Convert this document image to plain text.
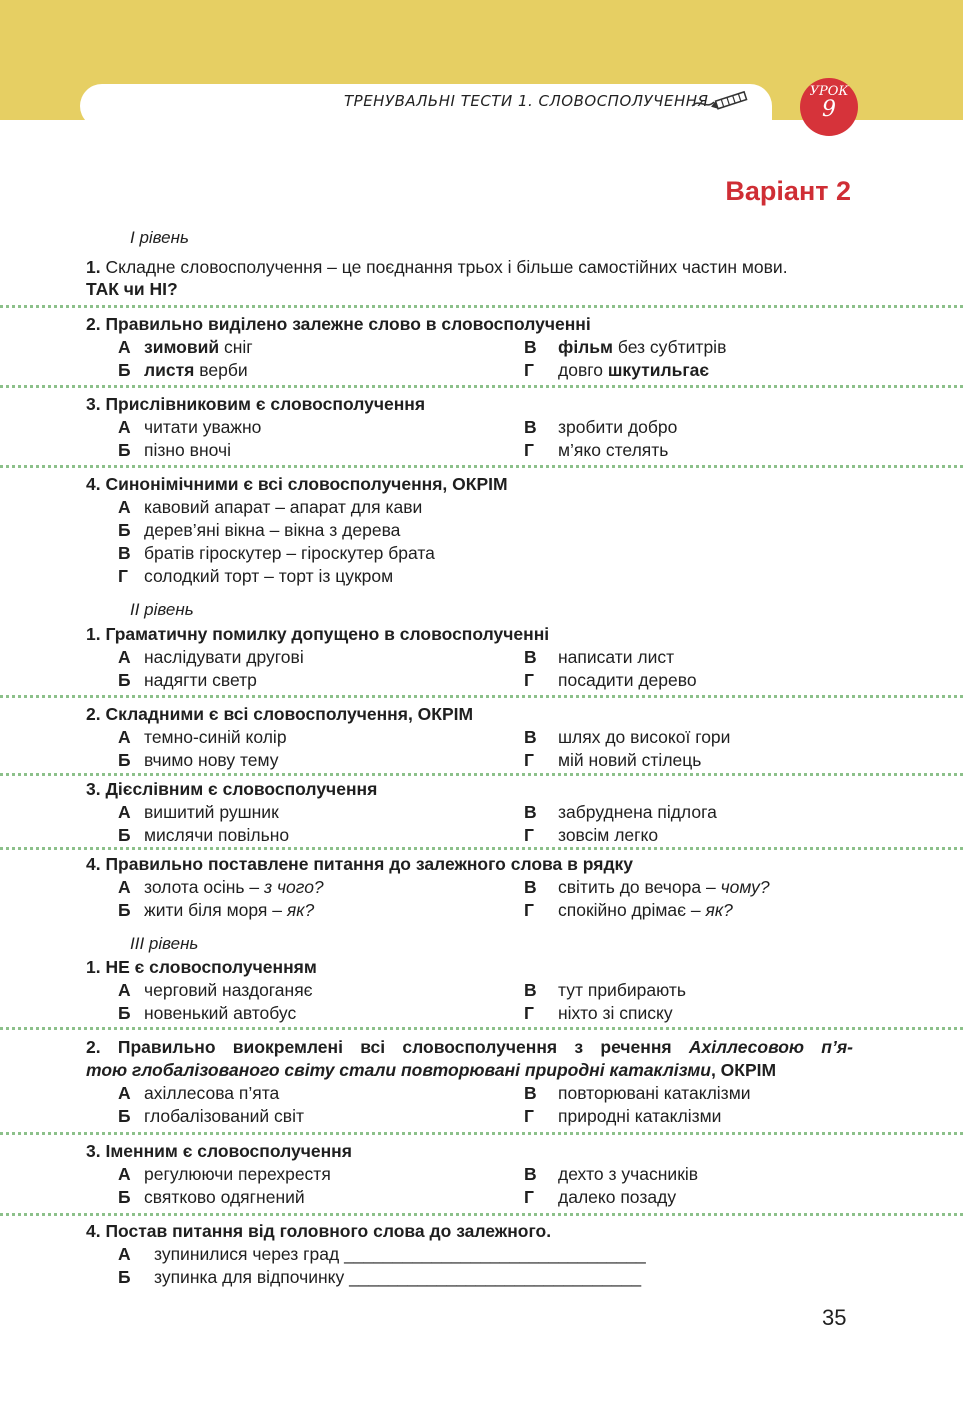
ТРЕНУВАЛЬНІ ТЕСТИ 1. СЛОВОСПОЛУЧЕННЯ
УРОК
9
Варіант 2
І рівень
1. Складне словосполучення – це поєднання трьох і більше самостійних частин мови.
ТАК чи НІ?
2. Правильно виділено залежне слово в словосполученні
А зимовий сніг
Б листя верби
В фільм без субтитрів
Г довго шкутильгає
3. Прислівниковим є словосполучення
А читати уважно
Б пізно вночі
В зробити добро
Г м’яко стелять
4. Синонімічними є всі словосполучення, ОКРІМ
А кавовий апарат – апарат для кави
Б дерев’яні вікна – вікна з дерева
В братів гіроскутер – гіроскутер брата
Г солодкий торт – торт із цукром
ІІ рівень
1. Граматичну помилку допущено в словосполученні
А наслідувати другові
Б надягти светр
В написати лист
Г посадити дерево
2. Складними є всі словосполучення, ОКРІМ
А темно-синій колір
Б вчимо нову тему
В шлях до високої гори
Г мій новий стілець
3. Дієслівним є словосполучення
А вишитий рушник
Б мислячи повільно
В забруднена підлога
Г зовсім легко
4. Правильно поставлене питання до залежного слова в рядку
А золота осінь – з чого?
Б жити біля моря – як?
В світить до вечора – чому?
Г спокійно дрімає – як?
ІІІ рівень
1. НЕ є словосполученням
А черговий наздоганяє
Б новенький автобус
В тут прибирають
Г ніхто зі списку
2. Правильно виокремлені всі словосполучення з речення Ахіллесовою п’я-
тою глобалізованого світу стали повторювані природні катаклізми, ОКРІМ
А ахіллесова п’ята
Б глобалізований світ
В повторювані катаклізми
Г природні катаклізми
3. Іменним є словосполучення
А регулюючи перехрестя
Б святково одягнений
В дехто з учасників
Г далеко позаду
4. Постав питання від головного слова до залежного.
А зупинилися через град _______________________________
Б зупинка для відпочинку ______________________________
35
